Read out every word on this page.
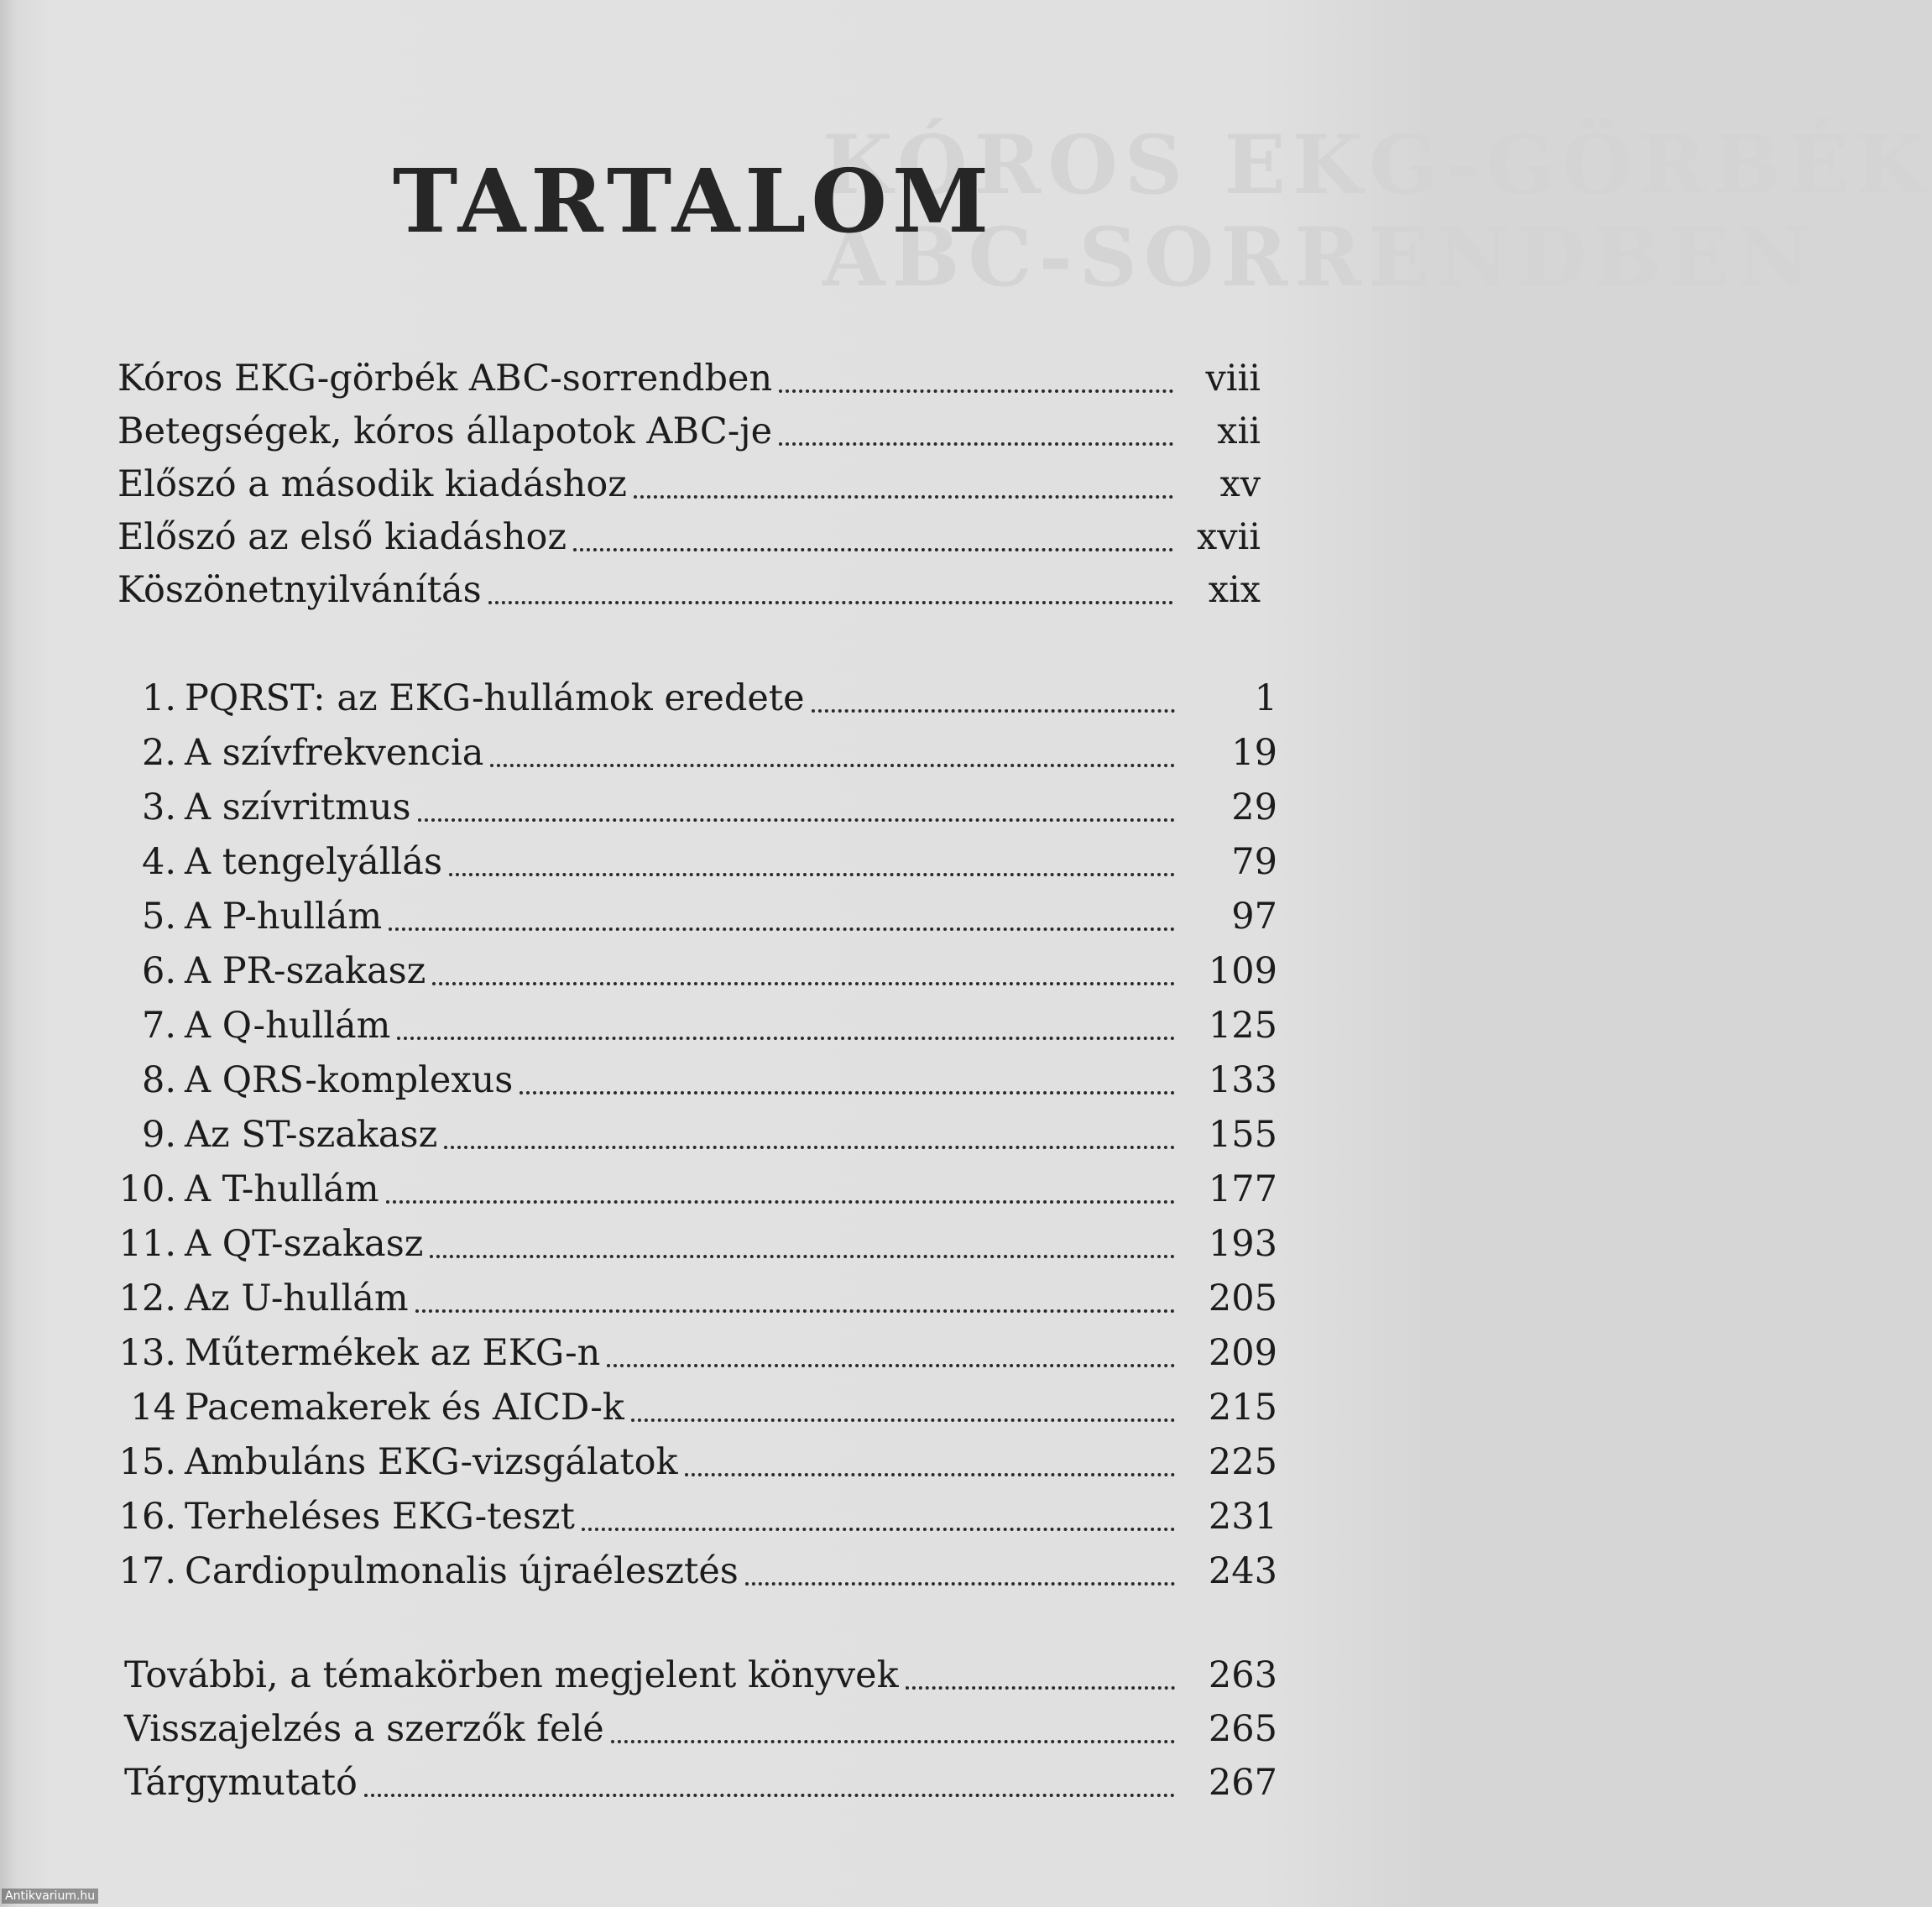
KÓROS EKG-GÖRBÉK
ABC-SORRENDBEN
TARTALOM
Kóros EKG-görbék ABC-sorrendben	viii
Betegségek, kóros állapotok ABC-je	xii
Előszó a második kiadáshoz	xv
Előszó az első kiadáshoz	xvii
Köszönetnyilvánítás	xix
1. PQRST: az EKG-hullámok eredete	1
2. A szívfrekvencia	19
3. A szívritmus	29
4. A tengelyállás	79
5. A P-hullám	97
6. A PR-szakasz	109
7. A Q-hullám	125
8. A QRS-komplexus	133
9. Az ST-szakasz	155
10. A T-hullám	177
11. A QT-szakasz	193
12. Az U-hullám	205
13. Műtermékek az EKG-n	209
14 Pacemakerek és AICD-k	215
15. Ambuláns EKG-vizsgálatok	225
16. Terheléses EKG-teszt	231
17. Cardiopulmonalis újraélesztés	243
További, a témakörben megjelent könyvek	263
Visszajelzés a szerzők felé	265
Tárgymutató	267
Antikvarium.hu
